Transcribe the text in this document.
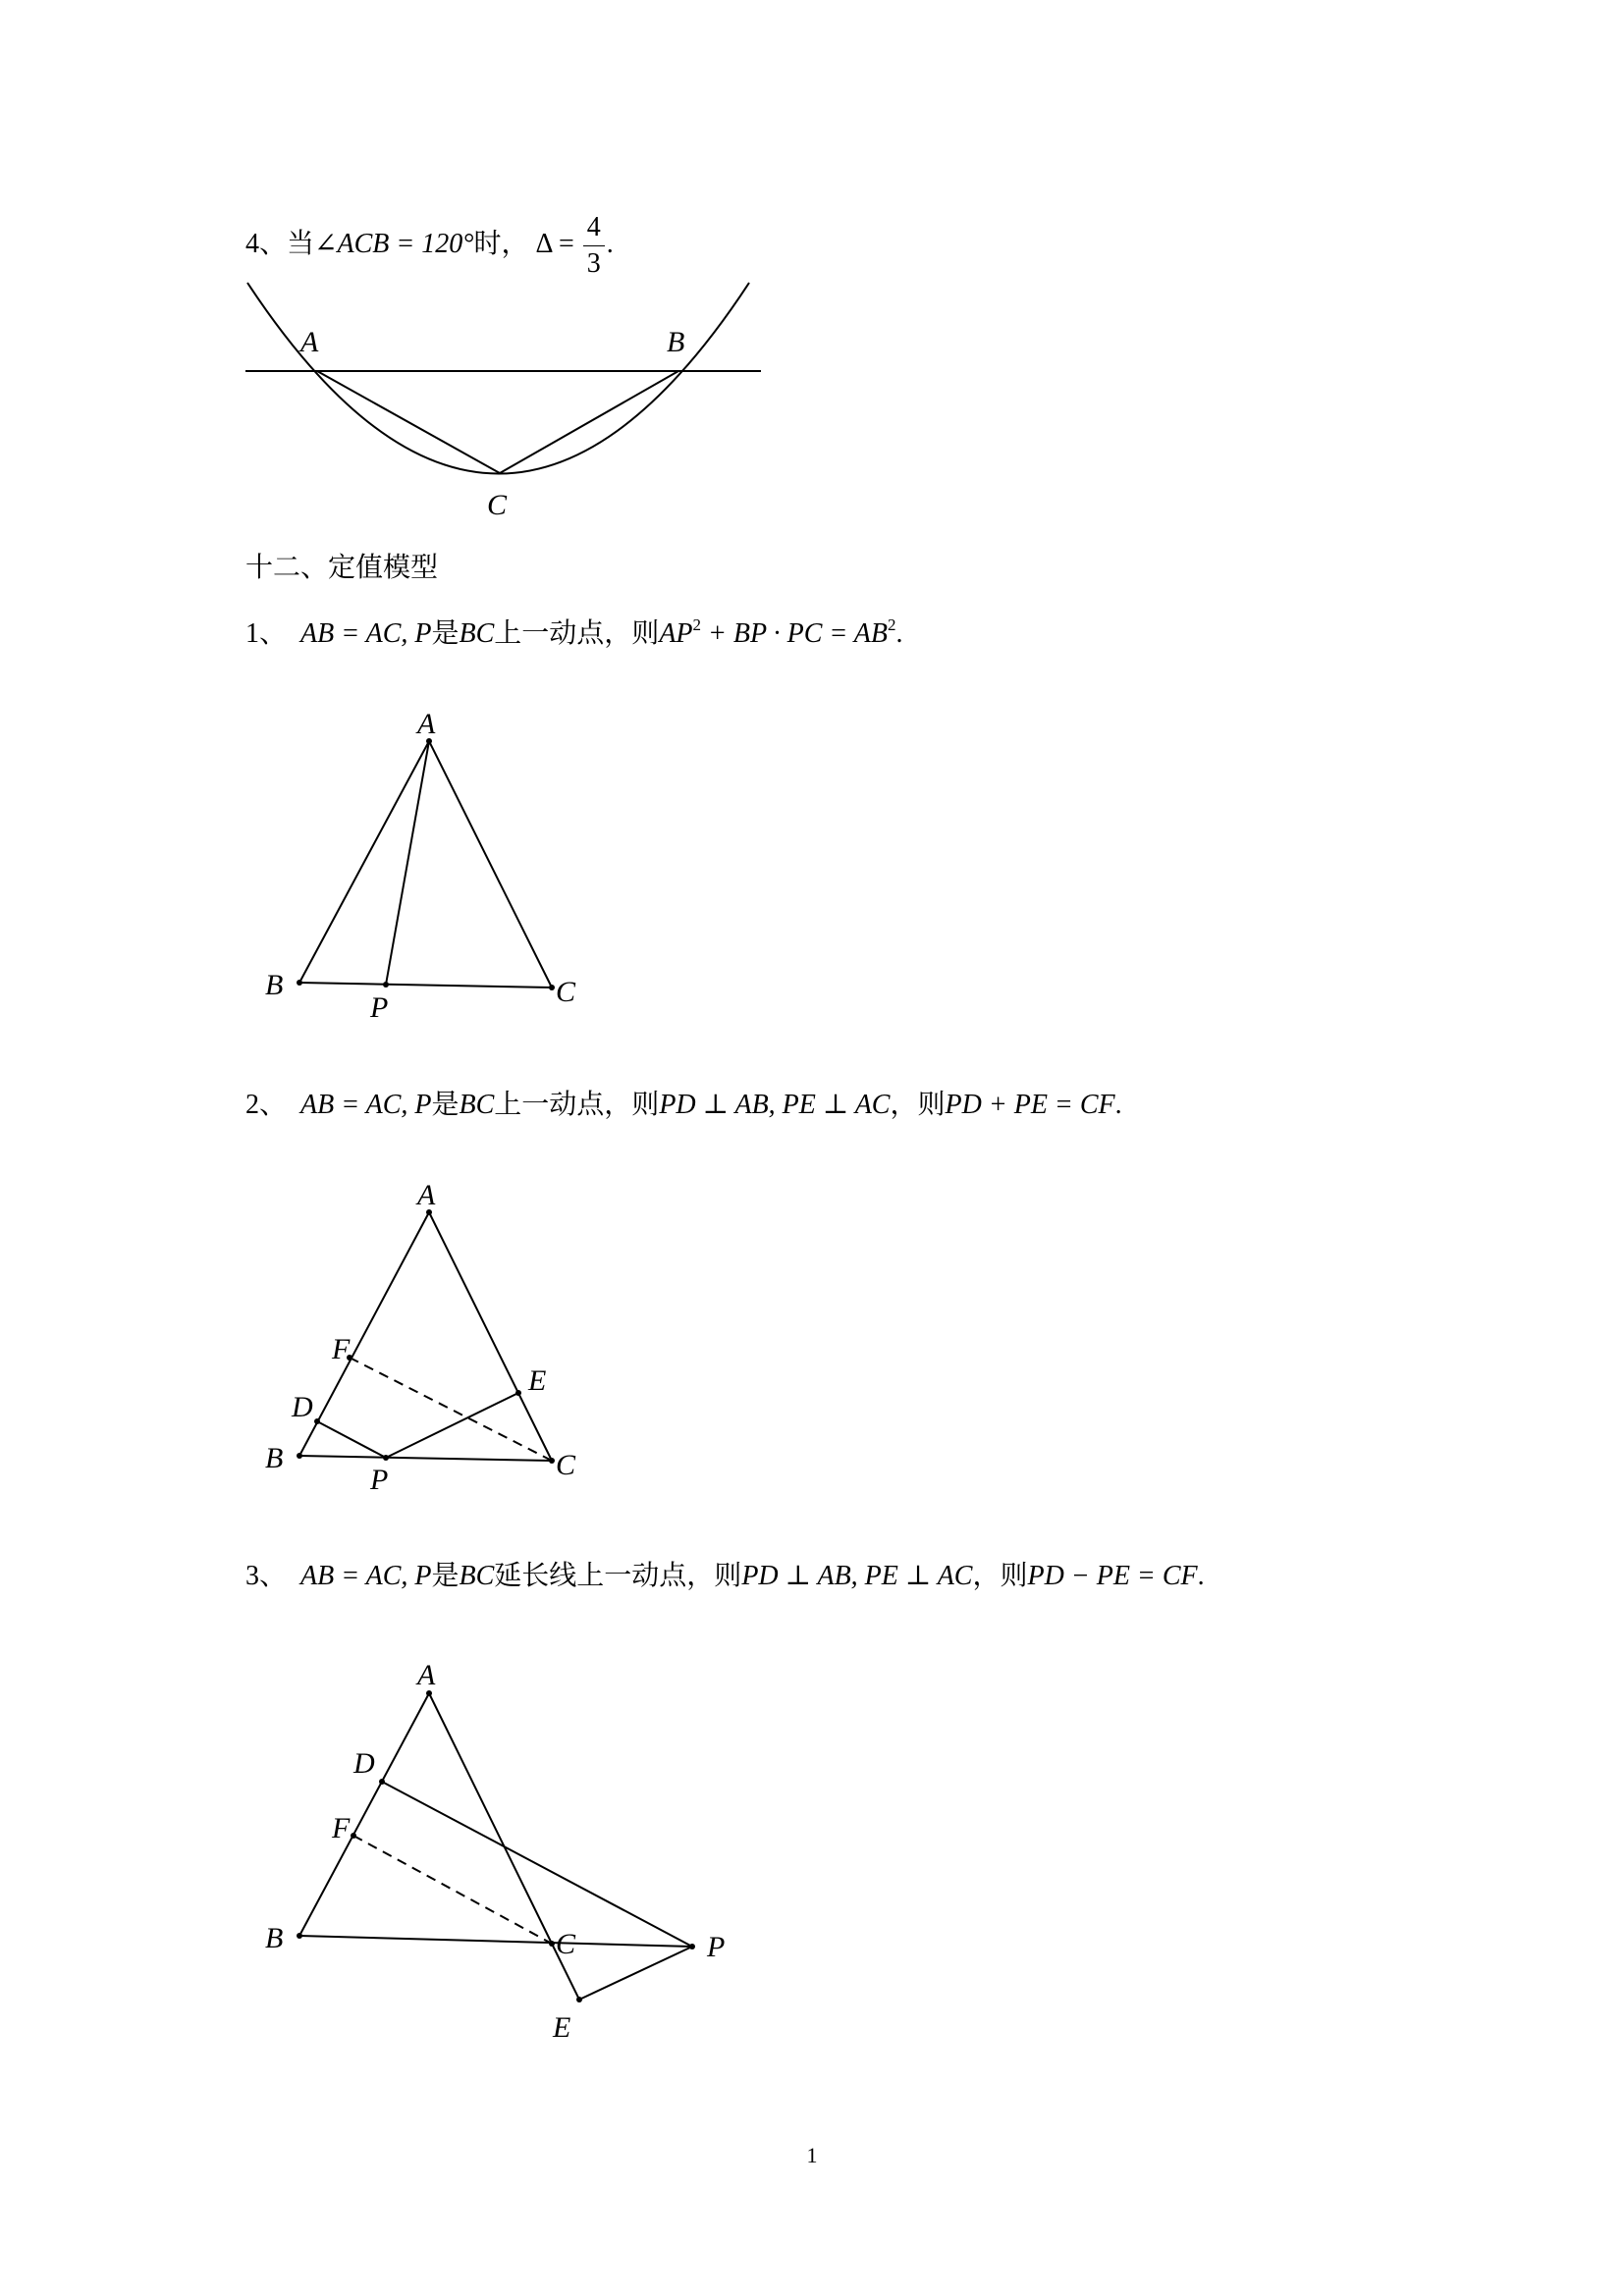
4、当∠ACB = 120°时， $\Delta = \frac{4}{3}$ .
A	B
C
十二、定值模型
1、 AB = AC, P是BC上一动点，则$AP^2$ + BP · PC = $AB^2$.
A
B	C
P
2、 AB = AC, P是BC上一动点，则PD ⊥ AB, PE ⊥ AC，则PD + PE = CF.
A
B	C
P
D
E
F
3、 AB = AC, P是BC延长线上一动点，则PD ⊥ AB, PE ⊥ AC，则PD − PE = CF.
A
B	C	P
D
E
F
1
